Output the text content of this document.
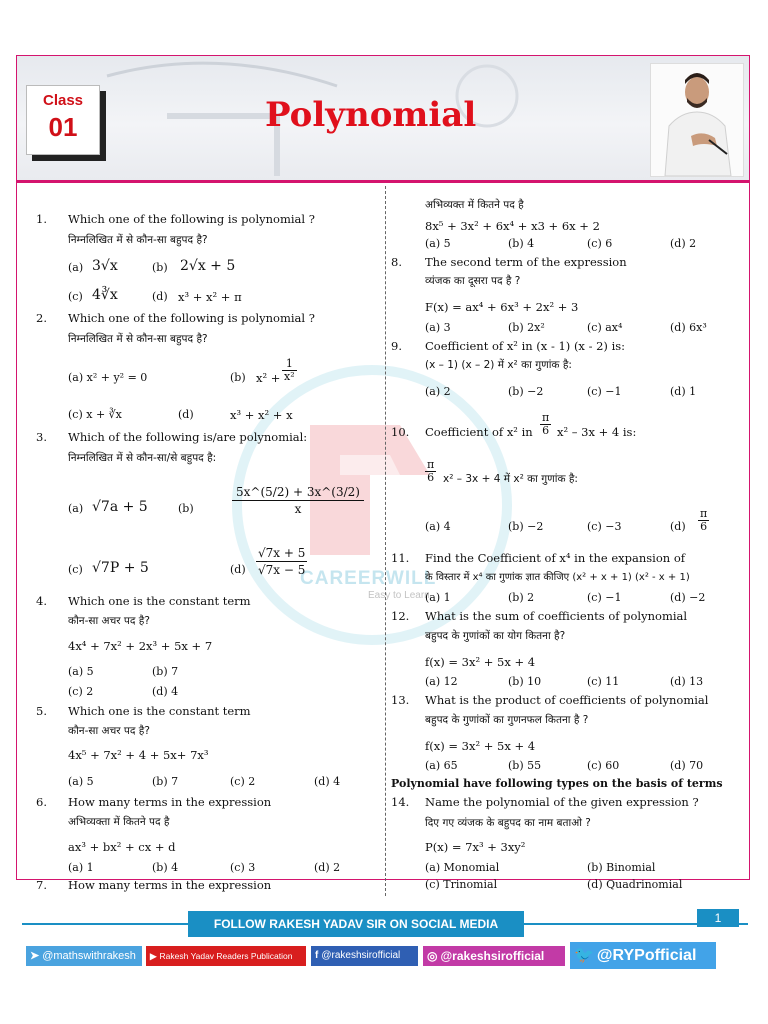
Class
01	Polynomial
CAREERWILL
Easy to Learn
1. Which one of the following is polynomial ?
निम्नलिखित में से कौन-सा बहुपद है?
(a) 3√x	(b) 2√x + 5
(c) 4∛x	(d) x³ + x² + π
2. Which one of the following is polynomial ?
निम्नलिखित में से कौन-सा बहुपद है?
(a) x² + y² = 0	(b) $x^2 + \frac{1}{\text{x²}}$
(c) x + ∛x	(d)	x³ + x² + x
3. Which of the following is/are polynomial:
निम्नलिखित में से कौन-सा/से बहुपद है:
(a) √7a + 5	(b)	$\frac{5x\^{}(5/2) + 3x\^{}(3/2)}{x}$
(c) √7P + 5	$(d) \frac{√7x + 5}{√7x - 5}$
4. Which one is the constant term
कौन-सा अचर पद है?
4x⁴ + 7x² + 2x³ + 5x + 7
(a) 5	(b) 7
(c) 2	(d) 4
5. Which one is the constant term
कौन-सा अचर पद है?
4x⁵ + 7x² + 4 + 5x+ 7x³
(a) 5	(b) 7	(c) 2	(d) 4
6. How many terms in the expression
अभिव्यक्ता में कितने पद है
ax³ + bx² + cx + d
(a) 1	(b) 4	(c) 3	(d) 2
7. How many terms in the expression
अभिव्यक्त में कितने पद है
8x⁵ + 3x² + 6x⁴ + x3 + 6x + 2
(a) 5	(b) 4	(c) 6	(d) 2
8. The second term of the expression
व्यंजक का दूसरा पद है ?
F(x) = ax⁴ + 6x³ + 2x² + 3
(a) 3	(b) 2x²	(c) ax⁴	(d) 6x³
9. Coefficient of x² in (x - 1) (x - 2) is:
(x – 1) (x – 2) में x² का गुणांक है:
(a) 2	(b) −2	(c) −1	(d) 1
10. Coefficient of x² in $\frac{\pi}{6} x^2 - 3x + 4$ is:
$\frac{\pi}{6} x^2 - 3x + 4$ में x² का गुणांक है:
(a) 4	(b) −2	(c) −3	$(d) \frac{\pi}{6}$
11. Find the Coefficient of x⁴ in the expansion of
के विस्तार में x⁴ का गुणांक ज्ञात कीजिए (x² + x + 1) (x² - x + 1)
(a) 1	(b) 2	(c) −1	(d) −2
12. What is the sum of coefficients of polynomial
बहुपद के गुणांकों का योग कितना है?
f(x) = 3x² + 5x + 4
(a) 12	(b) 10	(c) 11	(d) 13
13. What is the product of coefficients of polynomial
बहुपद के गुणांकों का गुणनफल कितना है ?
f(x) = 3x² + 5x + 4
(a) 65	(b) 55	(c) 60	(d) 70
Polynomial have following types on the basis of terms
14. Name the polynomial of the given expression ?
दिए गए व्यंजक के बहुपद का नाम बताओ ?
P(x) = 7x³ + 3xy²
(a) Monomial	(b) Binomial
(c) Trinomial	(d) Quadrinomial
FOLLOW RAKESH YADAV SIR ON SOCIAL MEDIA	1
➤ @mathswithrakesh	▶ Rakesh Yadav Readers Publication	f @rakeshsirofficial	◎ @rakeshsirofficial	🐦 @RYPofficial
